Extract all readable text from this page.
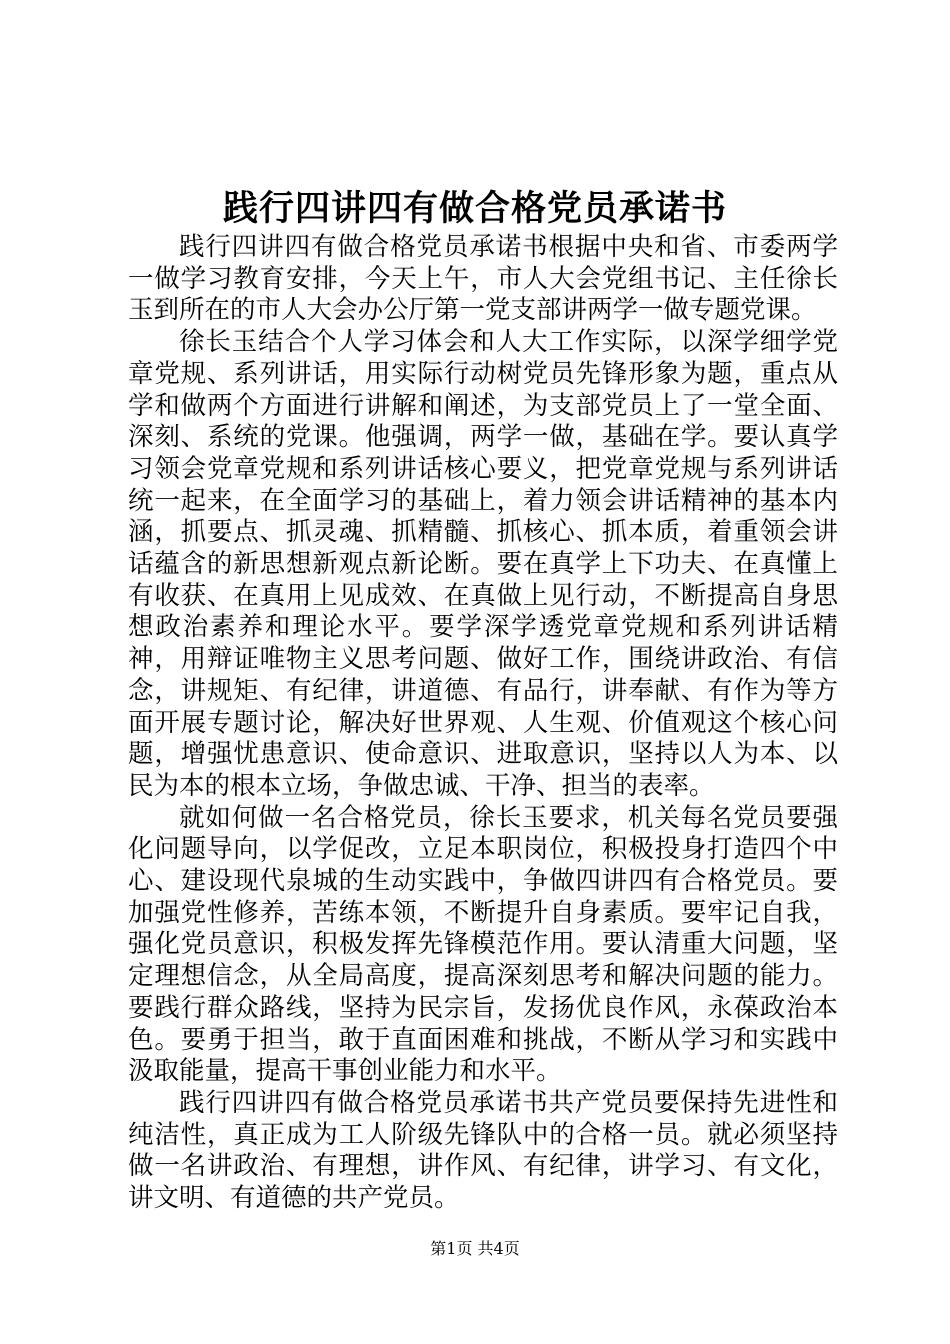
践行四讲四有做合格党员承诺书

践行四讲四有做合格党员承诺书根据中央和省、市委两学一做学习教育安排，今天上午，市人大会党组书记、主任徐长玉到所在的市人大会办公厅第一党支部讲两学一做专题党课。

徐长玉结合个人学习体会和人大工作实际，以深学细学党章党规、系列讲话，用实际行动树党员先锋形象为题，重点从学和做两个方面进行讲解和阐述，为支部党员上了一堂全面、深刻、系统的党课。他强调，两学一做，基础在学。要认真学习领会党章党规和系列讲话核心要义，把党章党规与系列讲话统一起来，在全面学习的基础上，着力领会讲话精神的基本内涵，抓要点、抓灵魂、抓精髓、抓核心、抓本质，着重领会讲话蕴含的新思想新观点新论断。要在真学上下功夫、在真懂上有收获、在真用上见成效、在真做上见行动，不断提高自身思想政治素养和理论水平。要学深学透党章党规和系列讲话精神，用辩证唯物主义思考问题、做好工作，围绕讲政治、有信念，讲规矩、有纪律，讲道德、有品行，讲奉献、有作为等方面开展专题讨论，解决好世界观、人生观、价值观这个核心问题，增强忧患意识、使命意识、进取意识，坚持以人为本、以民为本的根本立场，争做忠诚、干净、担当的表率。

就如何做一名合格党员，徐长玉要求，机关每名党员要强化问题导向，以学促改，立足本职岗位，积极投身打造四个中心、建设现代泉城的生动实践中，争做四讲四有合格党员。要加强党性修养，苦练本领，不断提升自身素质。要牢记自我，强化党员意识，积极发挥先锋模范作用。要认清重大问题，坚定理想信念，从全局高度，提高深刻思考和解决问题的能力。要践行群众路线，坚持为民宗旨，发扬优良作风，永葆政治本色。要勇于担当，敢于直面困难和挑战，不断从学习和实践中汲取能量，提高干事创业能力和水平。

践行四讲四有做合格党员承诺书共产党员要保持先进性和纯洁性，真正成为工人阶级先锋队中的合格一员。就必须坚持做一名讲政治、有理想，讲作风、有纪律，讲学习、有文化，讲文明、有道德的共产党员。

第1页 共4页
